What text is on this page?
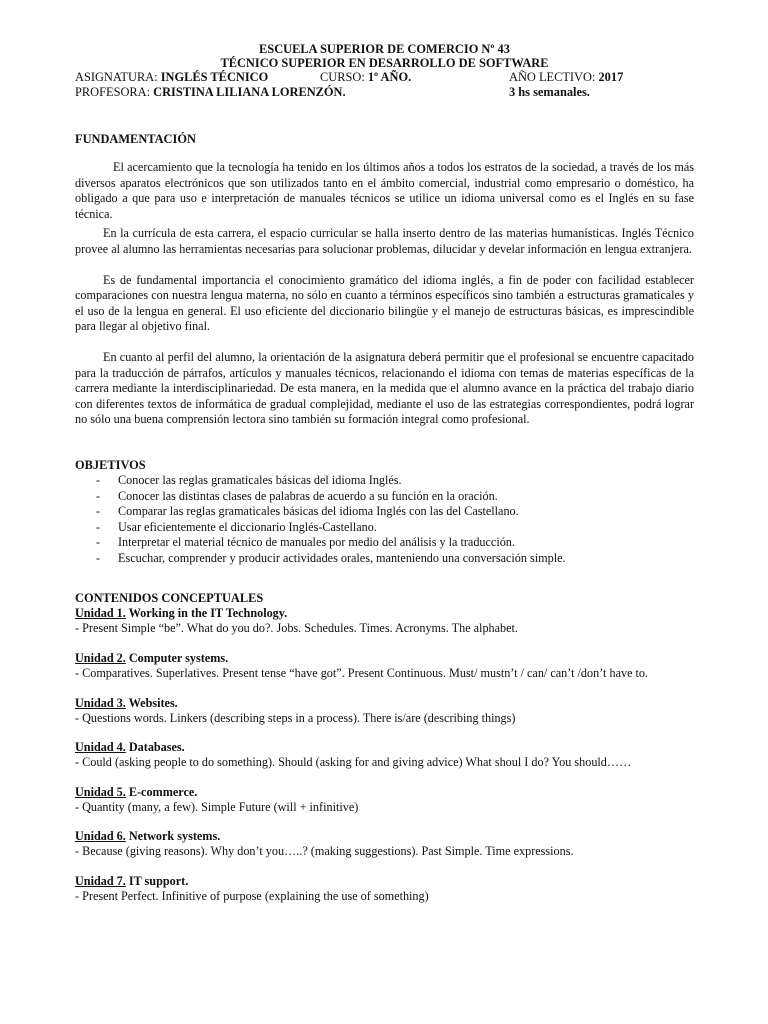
ESCUELA SUPERIOR DE COMERCIO Nº 43
TÉCNICO SUPERIOR EN DESARROLLO DE SOFTWARE
ASIGNATURA: INGLÉS TÉCNICO	CURSO: 1º AÑO.	AÑO LECTIVO: 2017
PROFESORA: CRISTINA LILIANA LORENZÓN.	3 hs semanales.

FUNDAMENTACIÓN

El acercamiento que la tecnología ha tenido en los últimos años a todos los estratos de la sociedad, a través de los más diversos aparatos electrónicos que son utilizados tanto en el ámbito comercial, industrial como empresario o doméstico, ha obligado a que para uso e interpretación de manuales técnicos se utilice un idioma universal como es el Inglés en su fase técnica.

En la currícula de esta carrera, el espacio curricular se halla inserto dentro de las materias humanísticas. Inglés Técnico provee al alumno las herramientas necesarias para solucionar problemas, dilucidar y develar información en lengua extranjera.

Es de fundamental importancia el conocimiento gramático del idioma inglés, a fin de poder con facilidad establecer comparaciones con nuestra lengua materna, no sólo en cuanto a términos específicos sino también a estructuras gramaticales y el uso de la lengua en general. El uso eficiente del diccionario bilingüe y el manejo de estructuras básicas, es imprescindible para llegar al objetivo final.

En cuanto al perfil del alumno, la orientación de la asignatura deberá permitir que el profesional se encuentre capacitado para la traducción de párrafos, artículos y manuales técnicos, relacionando el idioma con temas de materias específicas de la carrera mediante la interdisciplinariedad. De esta manera, en la medida que el alumno avance en la práctica del trabajo diario con diferentes textos de informática de gradual complejidad, mediante el uso de las estrategias correspondientes, podrá lograr no sólo una buena comprensión lectora sino también su formación integral como profesional.

OBJETIVOS

- Conocer las reglas gramaticales básicas del idioma Inglés.
- Conocer las distintas clases de palabras de acuerdo a su función en la oración.
- Comparar las reglas gramaticales básicas del idioma Inglés con las del Castellano.
- Usar eficientemente el diccionario Inglés-Castellano.
- Interpretar el material técnico de manuales por medio del análisis y la traducción.
- Escuchar, comprender y producir actividades orales, manteniendo una conversación simple.

CONTENIDOS CONCEPTUALES

Unidad 1. Working in the IT Technology.

- Present Simple “be”. What do you do?. Jobs. Schedules. Times. Acronyms. The alphabet.

Unidad 2. Computer systems.

- Comparatives. Superlatives. Present tense “have got”. Present Continuous. Must/ mustn’t / can/ can’t /don’t have to.

Unidad 3. Websites.

- Questions words. Linkers (describing steps in a process). There is/are (describing things)

Unidad 4. Databases.

- Could (asking people to do something). Should (asking for and giving advice) What shoul I do? You should……

Unidad 5. E-commerce.

- Quantity (many, a few). Simple Future (will + infinitive)

Unidad 6. Network systems.

- Because (giving reasons). Why don’t you…..? (making suggestions). Past Simple. Time expressions.

Unidad 7. IT support.

- Present Perfect. Infinitive of purpose (explaining the use of something)
